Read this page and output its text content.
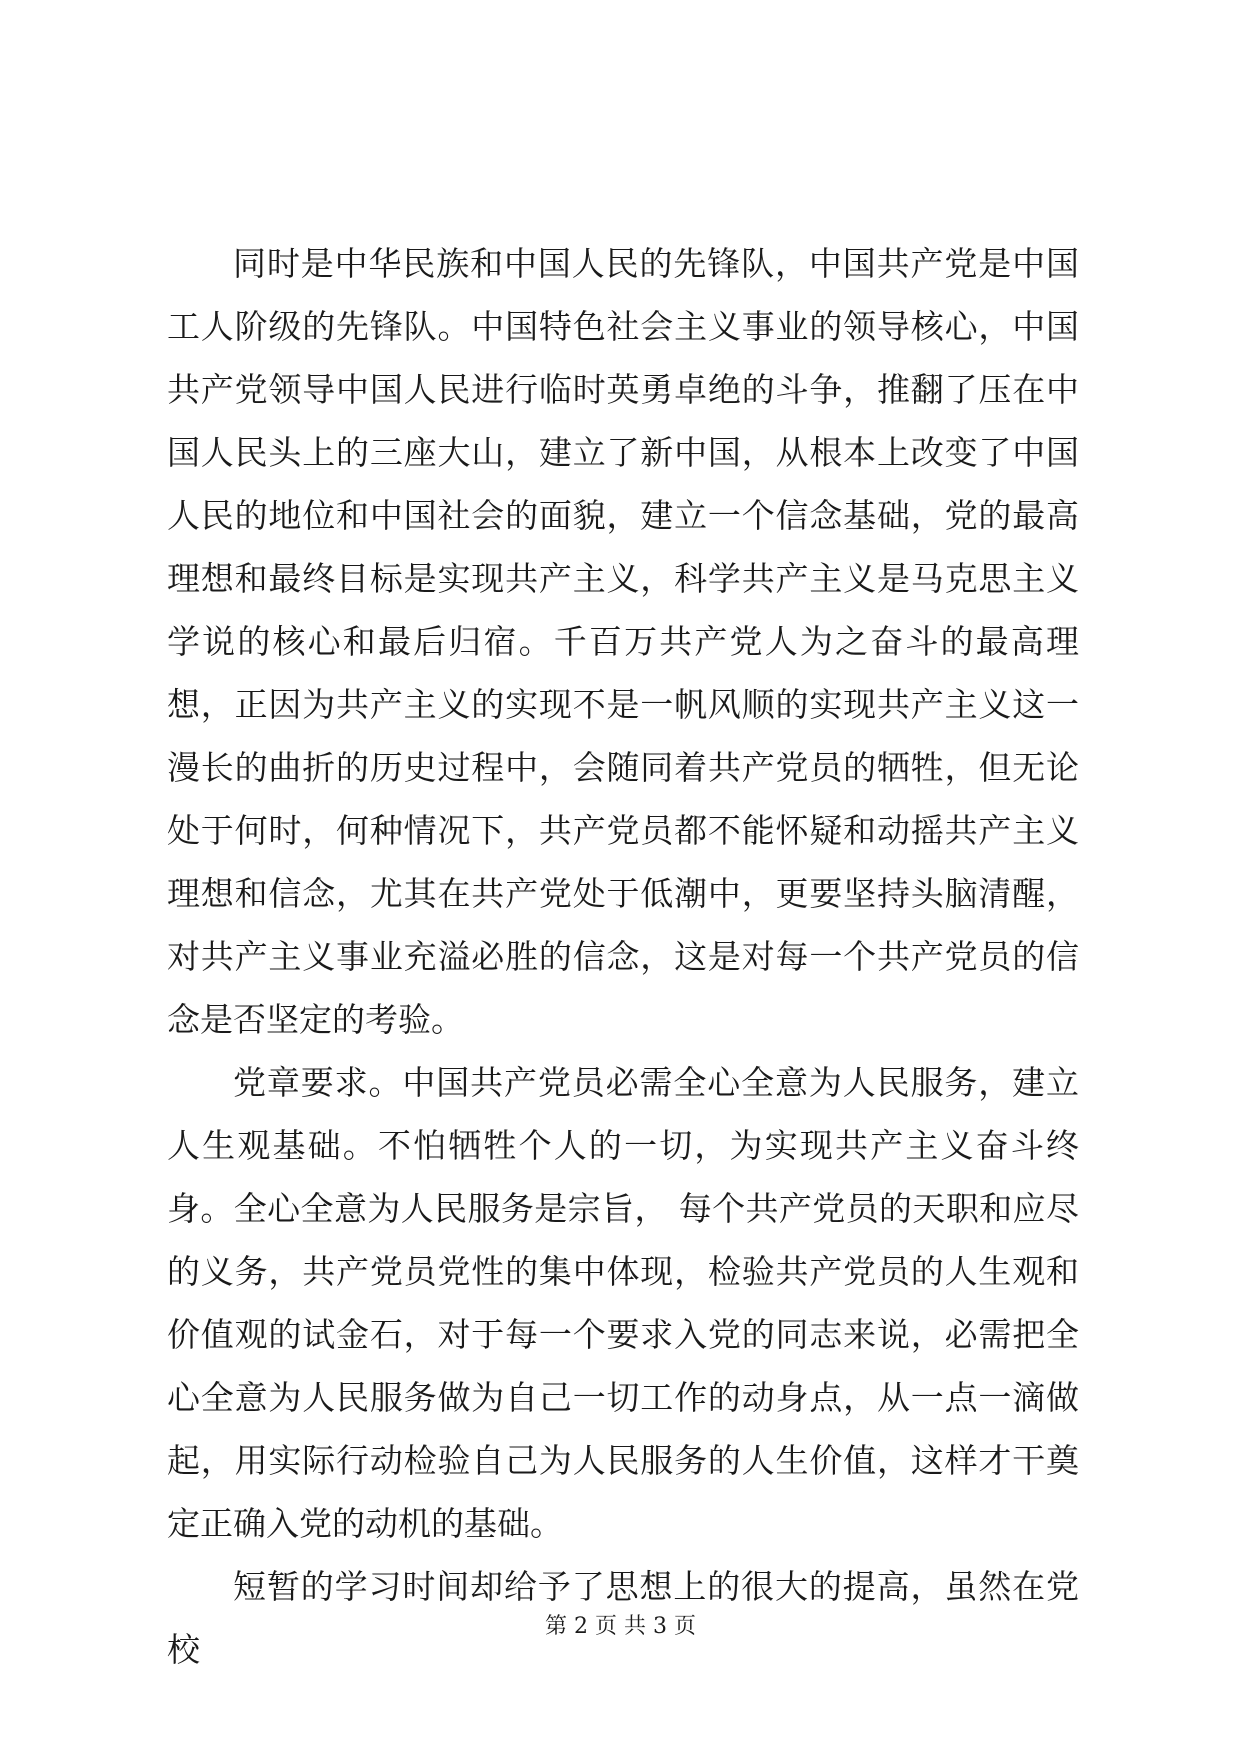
同时是中华民族和中国人民的先锋队，中国共产党是中国工人阶级的先锋队。中国特色社会主义事业的领导核心，中国共产党领导中国人民进行临时英勇卓绝的斗争，推翻了压在中国人民头上的三座大山，建立了新中国，从根本上改变了中国人民的地位和中国社会的面貌，建立一个信念基础，党的最高理想和最终目标是实现共产主义，科学共产主义是马克思主义学说的核心和最后归宿。千百万共产党人为之奋斗的最高理想，正因为共产主义的实现不是一帆风顺的实现共产主义这一漫长的曲折的历史过程中，会随同着共产党员的牺牲，但无论处于何时，何种情况下，共产党员都不能怀疑和动摇共产主义理想和信念，尤其在共产党处于低潮中，更要坚持头脑清醒，对共产主义事业充溢必胜的信念，这是对每一个共产党员的信念是否坚定的考验。

党章要求。中国共产党员必需全心全意为人民服务，建立人生观基础。不怕牺牲个人的一切，为实现共产主义奋斗终身。全心全意为人民服务是宗旨， 每个共产党员的天职和应尽的义务，共产党员党性的集中体现，检验共产党员的人生观和价值观的试金石，对于每一个要求入党的同志来说，必需把全心全意为人民服务做为自己一切工作的动身点，从一点一滴做起，用实际行动检验自己为人民服务的人生价值，这样才干奠定正确入党的动机的基础。

短暂的学习时间却给予了思想上的很大的提高，虽然在党校

第 2 页 共 3 页
